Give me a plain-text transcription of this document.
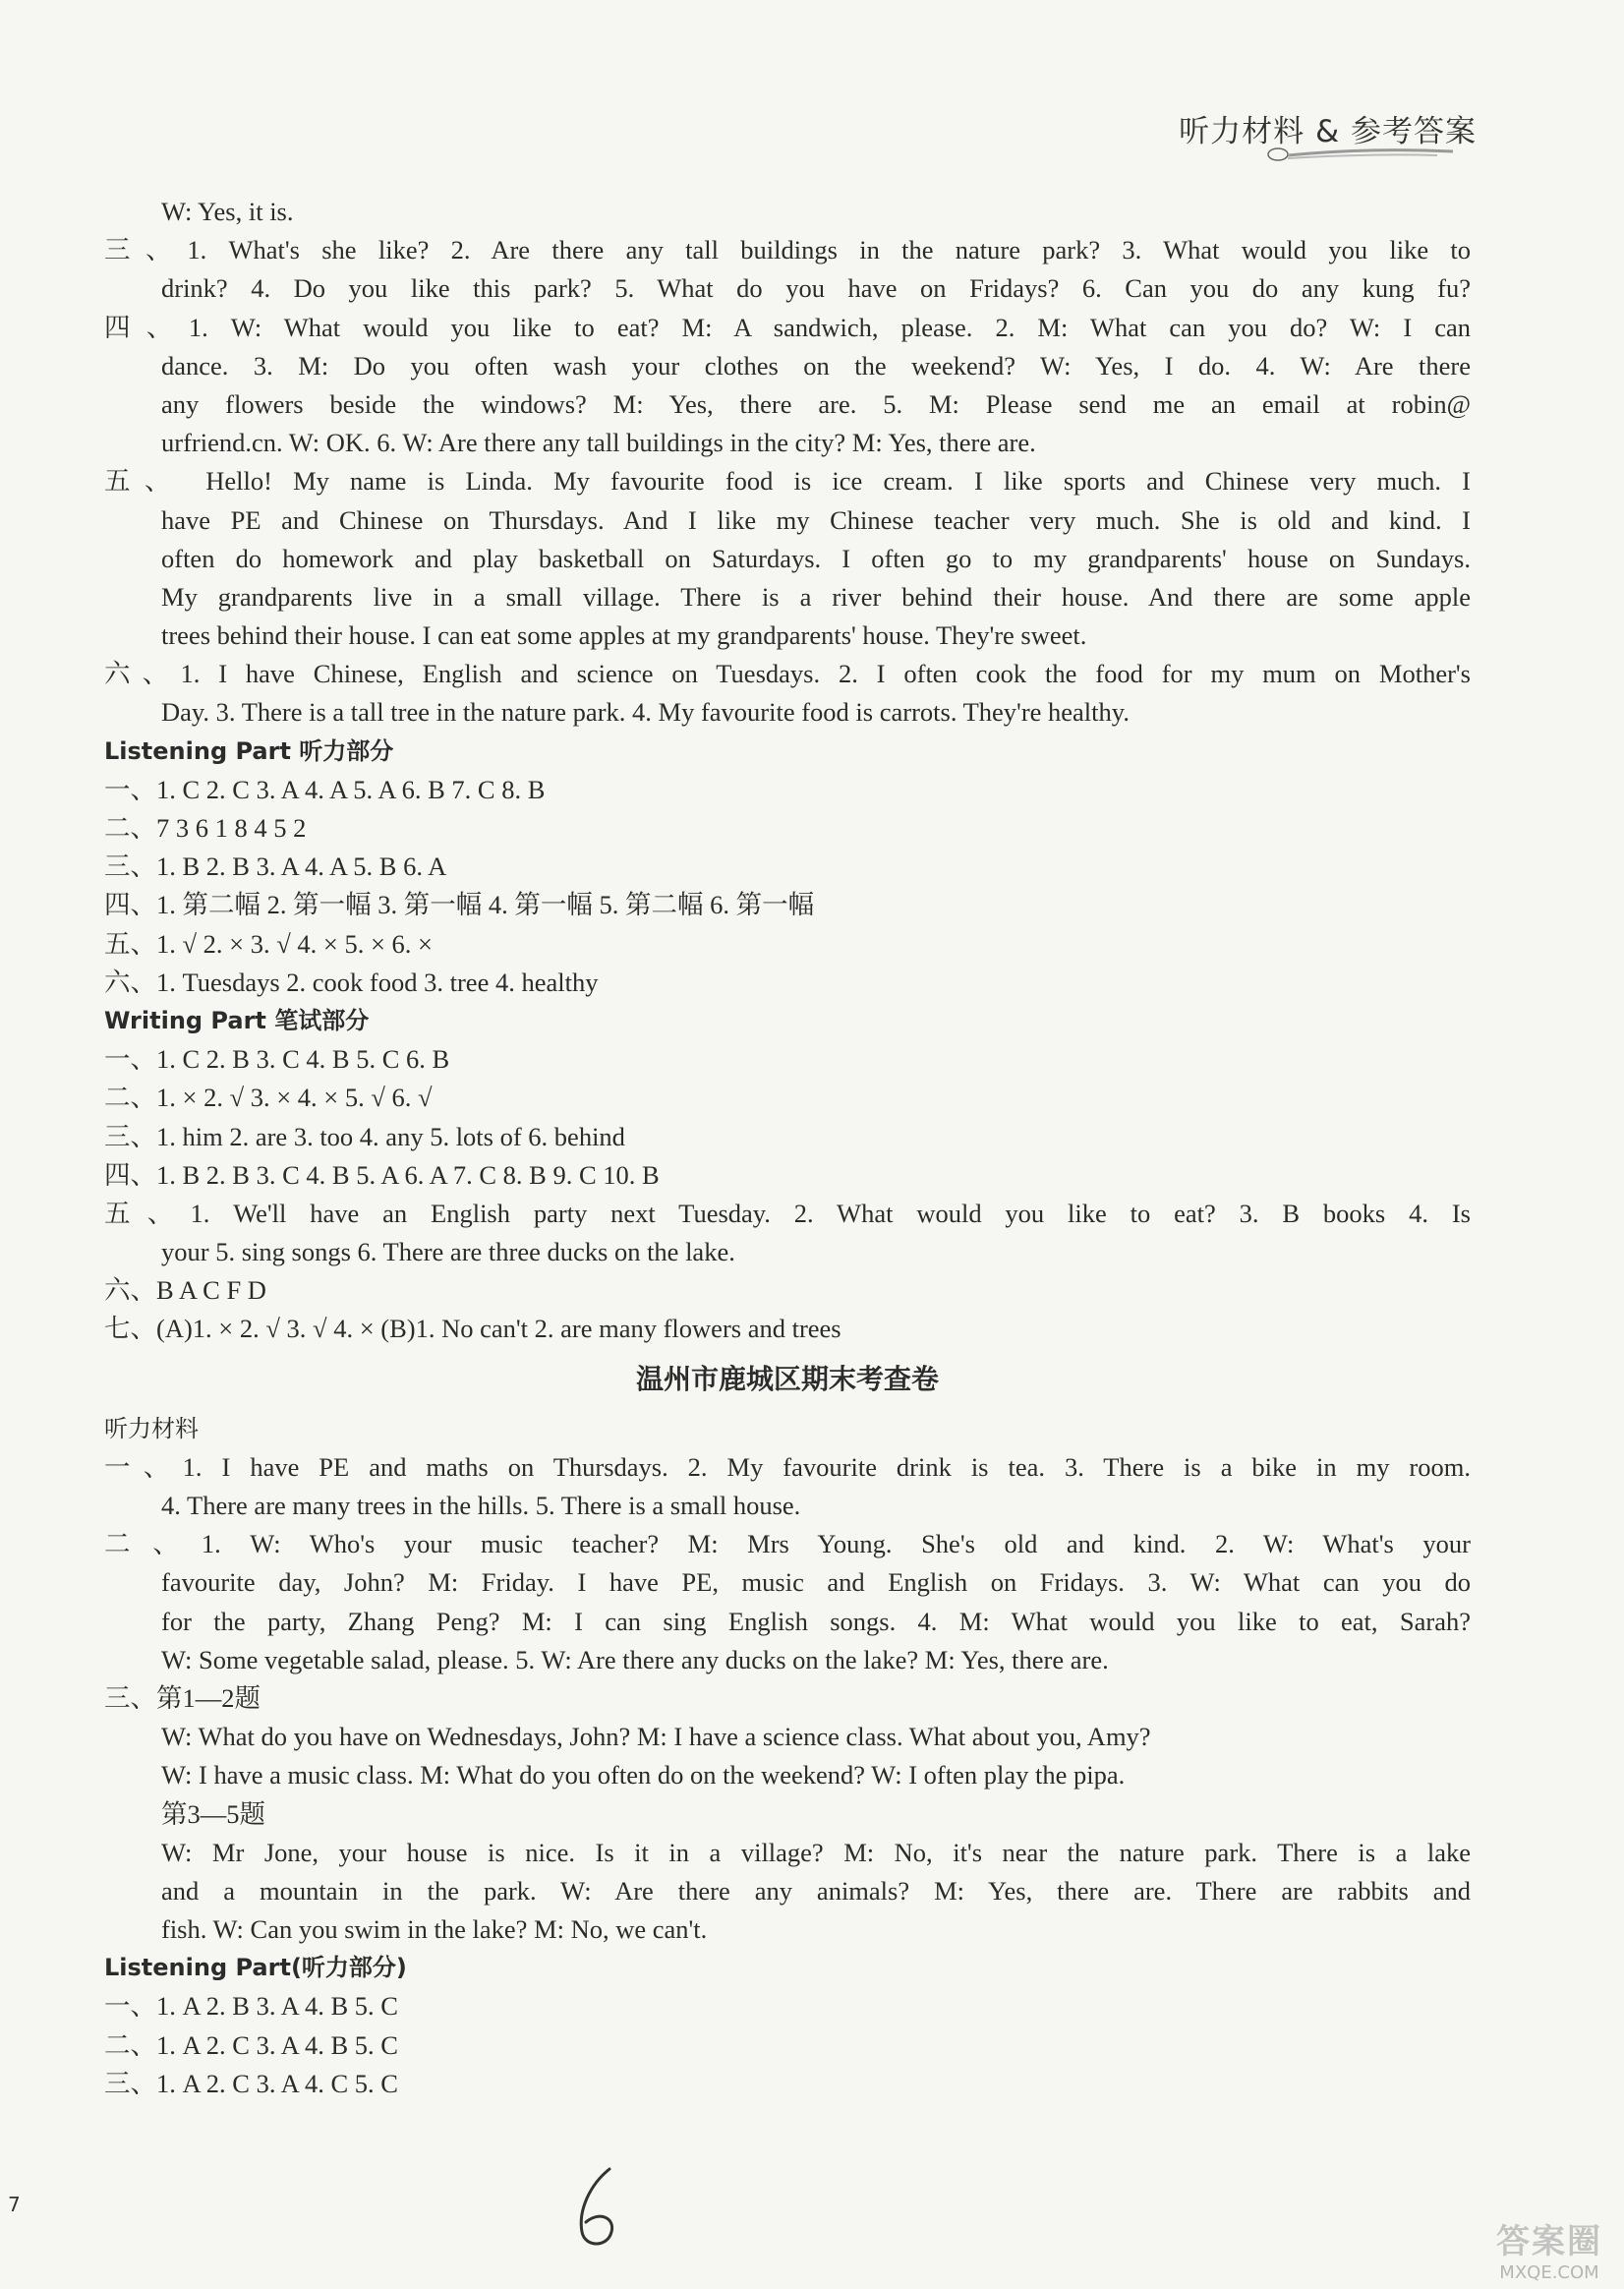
听力材料 & 参考答案
W: Yes, it is.
三、1. What's she like? 2. Are there any tall buildings in the nature park? 3. What would you like to
drink? 4. Do you like this park? 5. What do you have on Fridays? 6. Can you do any kung fu?
四、1. W: What would you like to eat? M: A sandwich, please. 2. M: What can you do? W: I can
dance. 3. M: Do you often wash your clothes on the weekend? W: Yes, I do. 4. W: Are there
any flowers beside the windows? M: Yes, there are. 5. M: Please send me an email at robin@
urfriend.cn. W: OK. 6. W: Are there any tall buildings in the city? M: Yes, there are.
五、 Hello! My name is Linda. My favourite food is ice cream. I like sports and Chinese very much. I
have PE and Chinese on Thursdays. And I like my Chinese teacher very much. She is old and kind. I
often do homework and play basketball on Saturdays. I often go to my grandparents' house on Sundays.
My grandparents live in a small village. There is a river behind their house. And there are some apple
trees behind their house. I can eat some apples at my grandparents' house. They're sweet.
六、1. I have Chinese, English and science on Tuesdays. 2. I often cook the food for my mum on Mother's
Day. 3. There is a tall tree in the nature park. 4. My favourite food is carrots. They're healthy.
Listening Part 听力部分
一、1. C 2. C 3. A 4. A 5. A 6. B 7. C 8. B
二、7 3 6 1 8 4 5 2
三、1. B 2. B 3. A 4. A 5. B 6. A
四、1. 第二幅 2. 第一幅 3. 第一幅 4. 第一幅 5. 第二幅 6. 第一幅
五、1. √ 2. × 3. √ 4. × 5. × 6. ×
六、1. Tuesdays 2. cook food 3. tree 4. healthy
Writing Part 笔试部分
一、1. C 2. B 3. C 4. B 5. C 6. B
二、1. × 2. √ 3. × 4. × 5. √ 6. √
三、1. him 2. are 3. too 4. any 5. lots of 6. behind
四、1. B 2. B 3. C 4. B 5. A 6. A 7. C 8. B 9. C 10. B
五、1. We'll have an English party next Tuesday. 2. What would you like to eat? 3. B books 4. Is
your 5. sing songs 6. There are three ducks on the lake.
六、B A C F D
七、(A)1. × 2. √ 3. √ 4. × (B)1. No can't 2. are many flowers and trees
温州市鹿城区期末考查卷
听力材料
一、1. I have PE and maths on Thursdays. 2. My favourite drink is tea. 3. There is a bike in my room.
4. There are many trees in the hills. 5. There is a small house.
二、1. W: Who's your music teacher? M: Mrs Young. She's old and kind. 2. W: What's your
favourite day, John? M: Friday. I have PE, music and English on Fridays. 3. W: What can you do
for the party, Zhang Peng? M: I can sing English songs. 4. M: What would you like to eat, Sarah?
W: Some vegetable salad, please. 5. W: Are there any ducks on the lake? M: Yes, there are.
三、第1—2题
W: What do you have on Wednesdays, John? M: I have a science class. What about you, Amy?
W: I have a music class. M: What do you often do on the weekend? W: I often play the pipa.
第3—5题
W: Mr Jone, your house is nice. Is it in a village? M: No, it's near the nature park. There is a lake
and a mountain in the park. W: Are there any animals? M: Yes, there are. There are rabbits and
fish. W: Can you swim in the lake? M: No, we can't.
Listening Part(听力部分)
一、1. A 2. B 3. A 4. B 5. C
二、1. A 2. C 3. A 4. B 5. C
三、1. A 2. C 3. A 4. C 5. C
7
答案圈
MXQE.COM
